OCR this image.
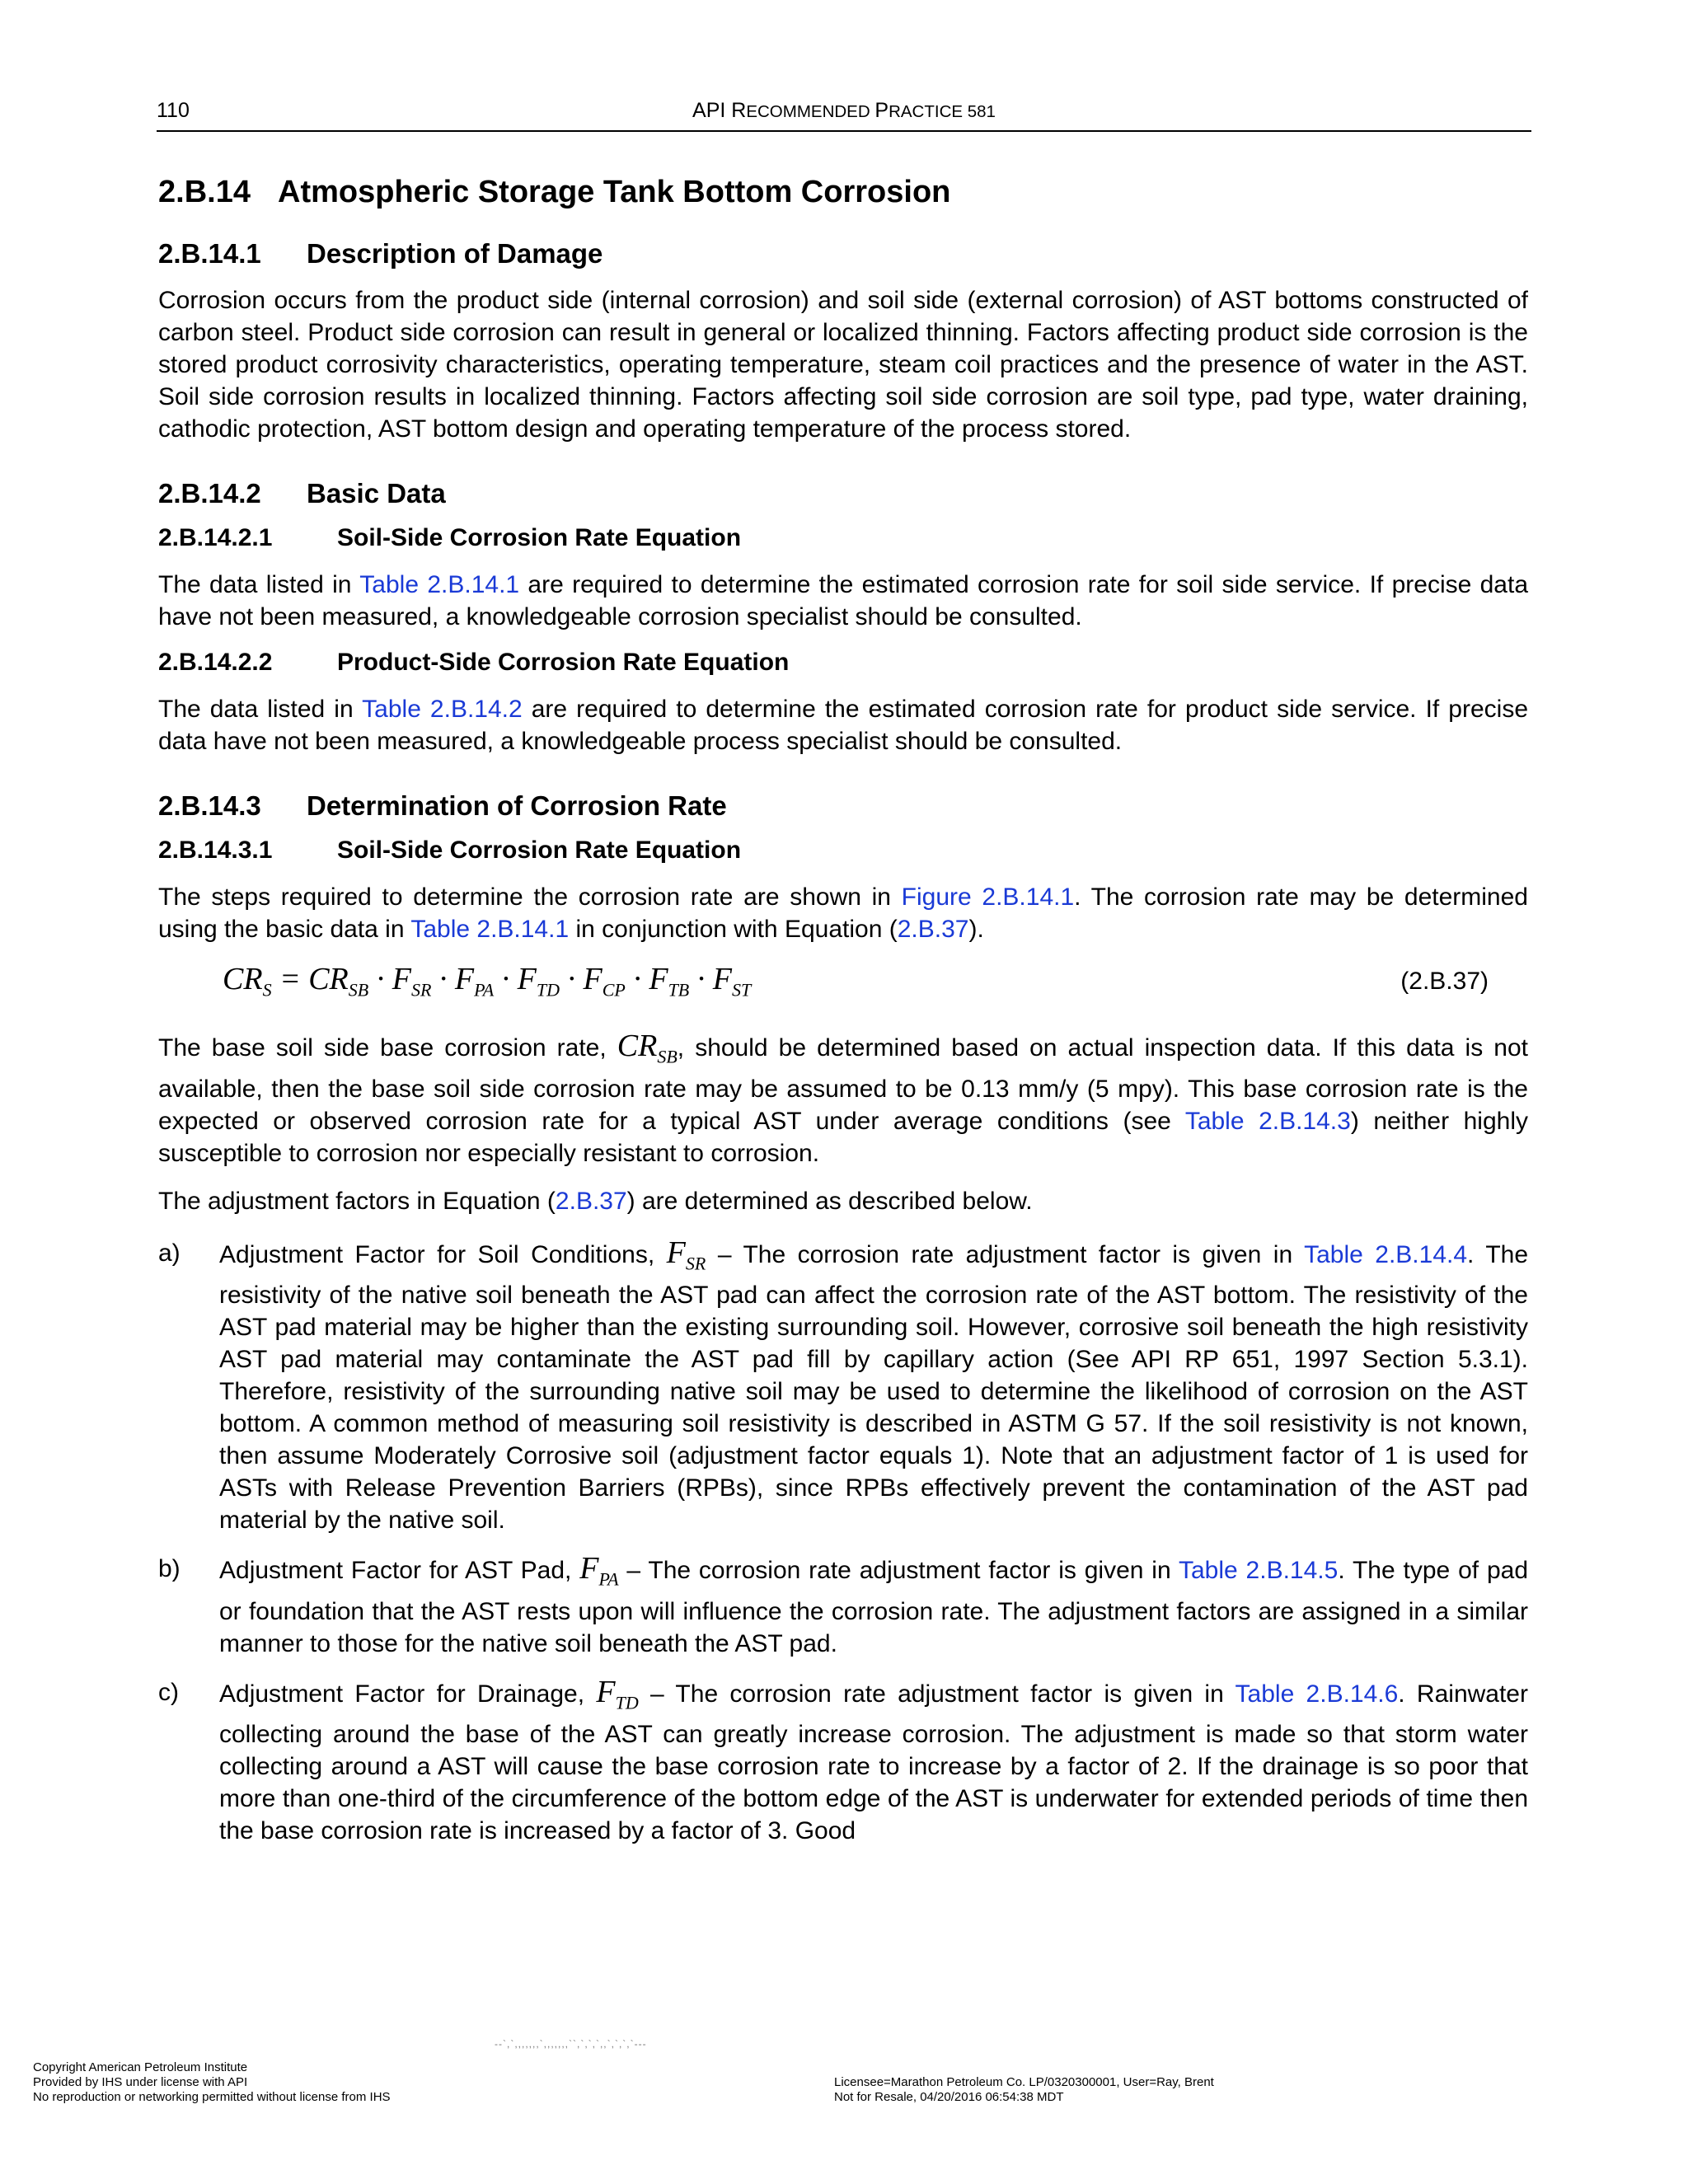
110	API RECOMMENDED PRACTICE 581
2.B.14 Atmospheric Storage Tank Bottom Corrosion
2.B.14.1 Description of Damage

Corrosion occurs from the product side (internal corrosion) and soil side (external corrosion) of AST bottoms constructed of carbon steel. Product side corrosion can result in general or localized thinning. Factors affecting product side corrosion is the stored product corrosivity characteristics, operating temperature, steam coil practices and the presence of water in the AST. Soil side corrosion results in localized thinning. Factors affecting soil side corrosion are soil type, pad type, water draining, cathodic protection, AST bottom design and operating temperature of the process stored.

2.B.14.2 Basic Data
2.B.14.2.1	Soil-Side Corrosion Rate Equation

The data listed in Table 2.B.14.1 are required to determine the estimated corrosion rate for soil side service. If precise data have not been measured, a knowledgeable corrosion specialist should be consulted.

2.B.14.2.2	Product-Side Corrosion Rate Equation

The data listed in Table 2.B.14.2 are required to determine the estimated corrosion rate for product side service. If precise data have not been measured, a knowledgeable process specialist should be consulted.

2.B.14.3 Determination of Corrosion Rate
2.B.14.3.1	Soil-Side Corrosion Rate Equation

The steps required to determine the corrosion rate are shown in Figure 2.B.14.1. The corrosion rate may be determined using the basic data in Table 2.B.14.1 in conjunction with Equation (2.B.37).

$CR_S = CR_{SB} \cdot F_{SR} \cdot F_{PA} \cdot F_{TD} \cdot F_{CP} \cdot F_{TB} \cdot F_{ST}$	(2.B.37)

The base soil side base corrosion rate, $CR_{SB}$, should be determined based on actual inspection data. If this data is not available, then the base soil side corrosion rate may be assumed to be 0.13 mm/y (5 mpy). This base corrosion rate is the expected or observed corrosion rate for a typical AST under average conditions (see Table 2.B.14.3) neither highly susceptible to corrosion nor especially resistant to corrosion.

The adjustment factors in Equation (2.B.37) are determined as described below.

a) Adjustment Factor for Soil Conditions, $F_{SR}$ – The corrosion rate adjustment factor is given in Table 2.B.14.4. The resistivity of the native soil beneath the AST pad can affect the corrosion rate of the AST bottom. The resistivity of the AST pad material may be higher than the existing surrounding soil. However, corrosive soil beneath the high resistivity AST pad material may contaminate the AST pad fill by capillary action (See API RP 651, 1997 Section 5.3.1). Therefore, resistivity of the surrounding native soil may be used to determine the likelihood of corrosion on the AST bottom. A common method of measuring soil resistivity is described in ASTM G 57. If the soil resistivity is not known, then assume Moderately Corrosive soil (adjustment factor equals 1). Note that an adjustment factor of 1 is used for ASTs with Release Prevention Barriers (RPBs), since RPBs effectively prevent the contamination of the AST pad material by the native soil.

b) Adjustment Factor for AST Pad, $F_{PA}$ – The corrosion rate adjustment factor is given in Table 2.B.14.5. The type of pad or foundation that the AST rests upon will influence the corrosion rate. The adjustment factors are assigned in a similar manner to those for the native soil beneath the AST pad.

c) Adjustment Factor for Drainage, $F_{TD}$ – The corrosion rate adjustment factor is given in Table 2.B.14.6. Rainwater collecting around the base of the AST can greatly increase corrosion. The adjustment is made so that storm water collecting around a AST will cause the base corrosion rate to increase by a factor of 2. If the drainage is so poor that more than one-third of the circumference of the bottom edge of the AST is underwater for extended periods of time then the base corrosion rate is increased by a factor of 3. Good

--`,`,,,,,,,`,,,,,,,``,`,`,`,,`,`,`,`---
Copyright American Petroleum Institute
Provided by IHS under license with API
No reproduction or networking permitted without license from IHS
Licensee=Marathon Petroleum Co. LP/0320300001, User=Ray, Brent
Not for Resale, 04/20/2016 06:54:38 MDT
